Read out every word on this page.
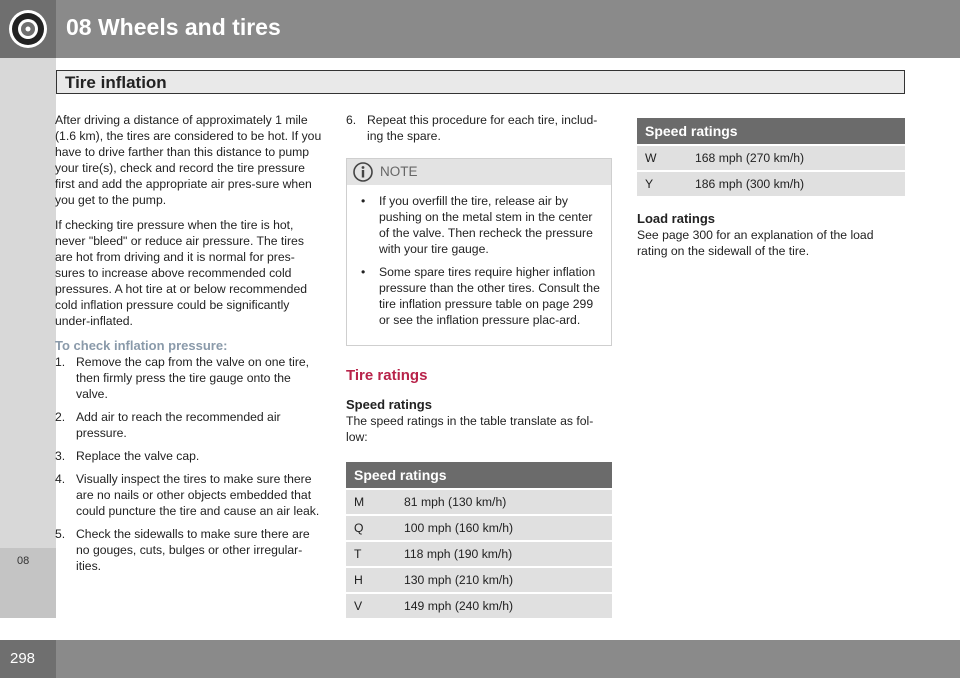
08 Wheels and tires
Tire inflation
08
298

After driving a distance of approximately 1 mile (1.6 km), the tires are considered to be hot. If you have to drive farther than this distance to pump your tire(s), check and record the tire pressure first and add the appropriate air pres-sure when you get to the pump.

If checking tire pressure when the tire is hot, never "bleed" or reduce air pressure. The tires are hot from driving and it is normal for pres-sures to increase above recommended cold pressures. A hot tire at or below recommended cold inflation pressure could be significantly under-inflated.

To check inflation pressure:
1. Remove the cap from the valve on one tire, then firmly press the tire gauge onto the valve.
2. Add air to reach the recommended air pressure.
3. Replace the valve cap.
4. Visually inspect the tires to make sure there are no nails or other objects embedded that could puncture the tire and cause an air leak.
5. Check the sidewalls to make sure there are no gouges, cuts, bulges or other irregular-ities.
6. Repeat this procedure for each tire, includ-ing the spare.
NOTE
• If you overfill the tire, release air by pushing on the metal stem in the center of the valve. Then recheck the pressure with your tire gauge.
• Some spare tires require higher inflation pressure than the other tires. Consult the tire inflation pressure table on page 299 or see the inflation pressure plac-ard.
Tire ratings
Speed ratings

The speed ratings in the table translate as fol-low:

Speed ratings	
M	81 mph (130 km/h)
Q	100 mph (160 km/h)
T	118 mph (190 km/h)
H	130 mph (210 km/h)
V	149 mph (240 km/h)
Speed ratings	
W	168 mph (270 km/h)
Y	186 mph (300 km/h)
Load ratings

See page 300 for an explanation of the load rating on the sidewall of the tire.
